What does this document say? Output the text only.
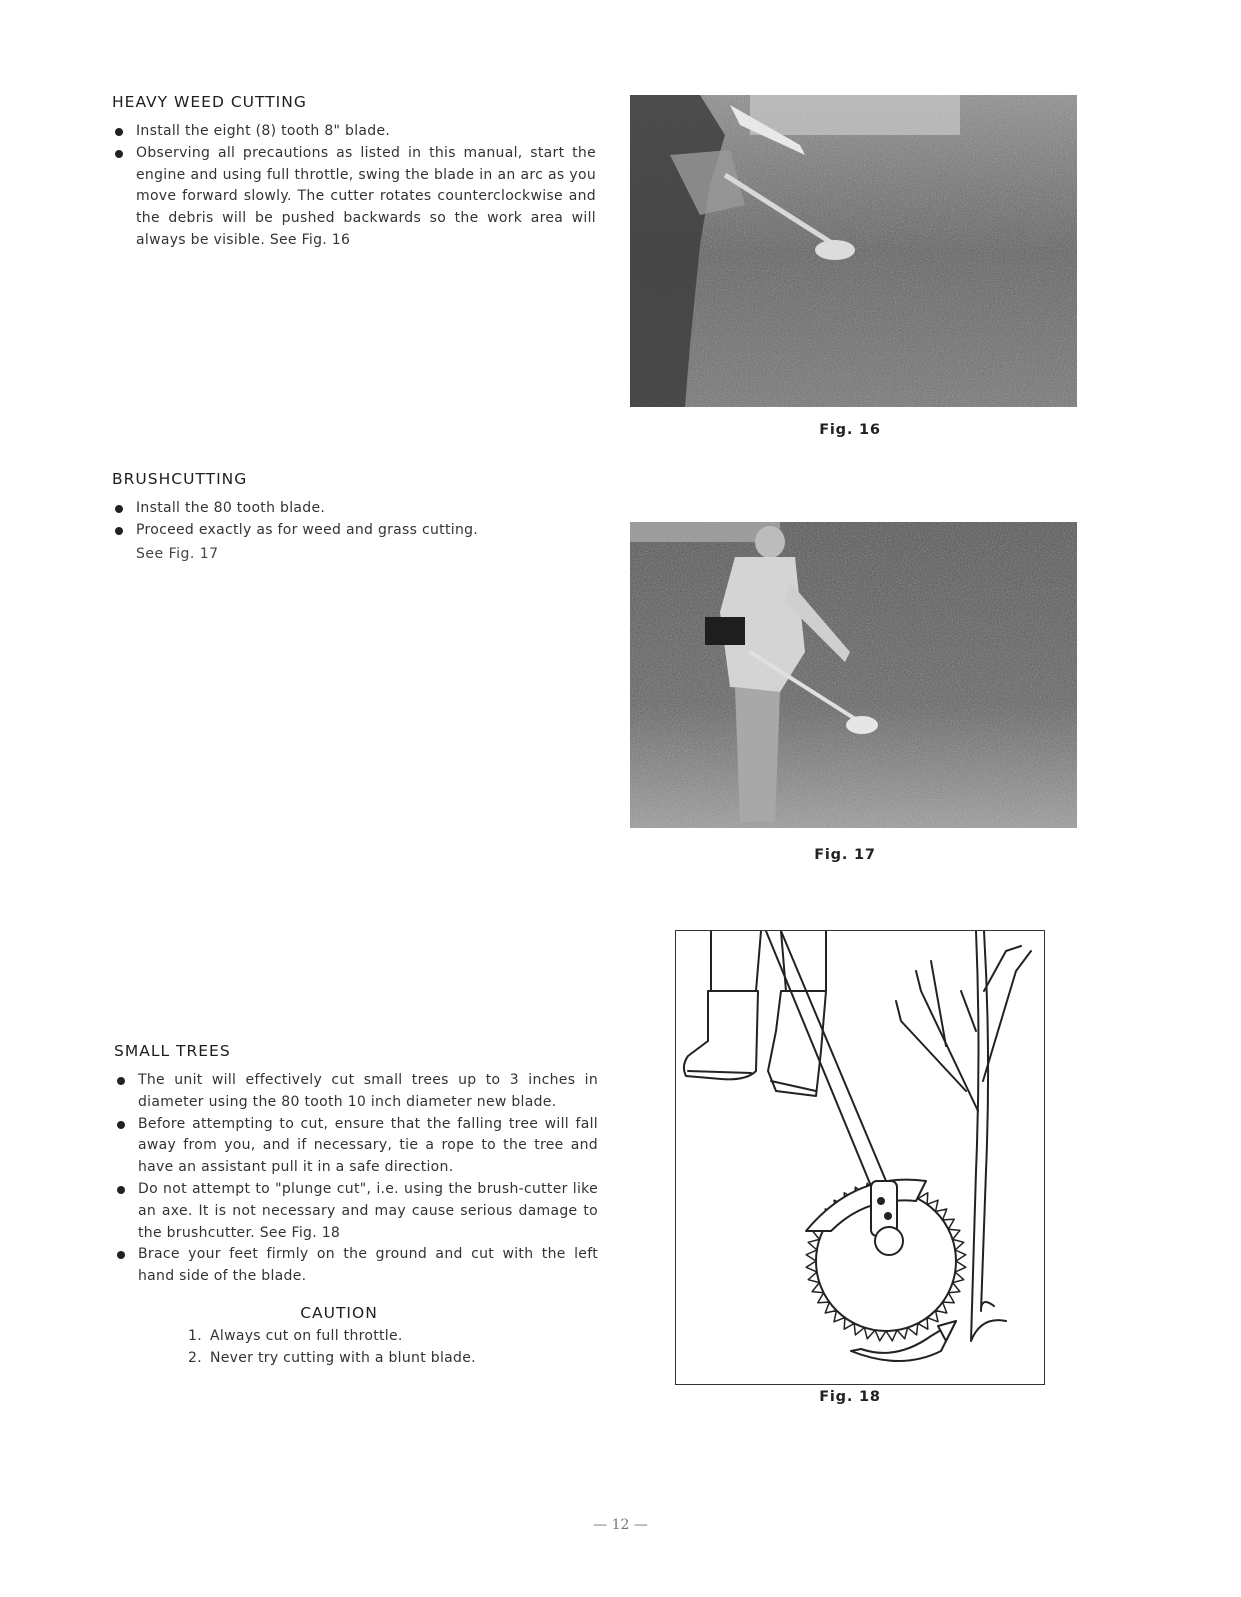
HEAVY WEED CUTTING
Install the eight (8) tooth 8" blade.
Observing all precautions as listed in this manual, start the engine and using full throttle, swing the blade in an arc as you move forward slowly. The cutter rotates counterclockwise and the debris will be pushed backwards so the work area will always be visible. See Fig. 16
Fig. 16
BRUSHCUTTING
Install the 80 tooth blade.
Proceed exactly as for weed and grass cutting.
See Fig. 17
Fig. 17
SMALL TREES
The unit will effectively cut small trees up to 3 inches in diameter using the 80 tooth 10 inch diameter new blade.
Before attempting to cut, ensure that the falling tree will fall away from you, and if necessary, tie a rope to the tree and have an assistant pull it in a safe direction.
Do not attempt to "plunge cut", i.e. using the brush-cutter like an axe. It is not necessary and may cause serious damage to the brushcutter. See Fig. 18
Brace your feet firmly on the ground and cut with the left hand side of the blade.
CAUTION
1. Always cut on full throttle.
2. Never try cutting with a blunt blade.
Fig. 18
— 12 —
